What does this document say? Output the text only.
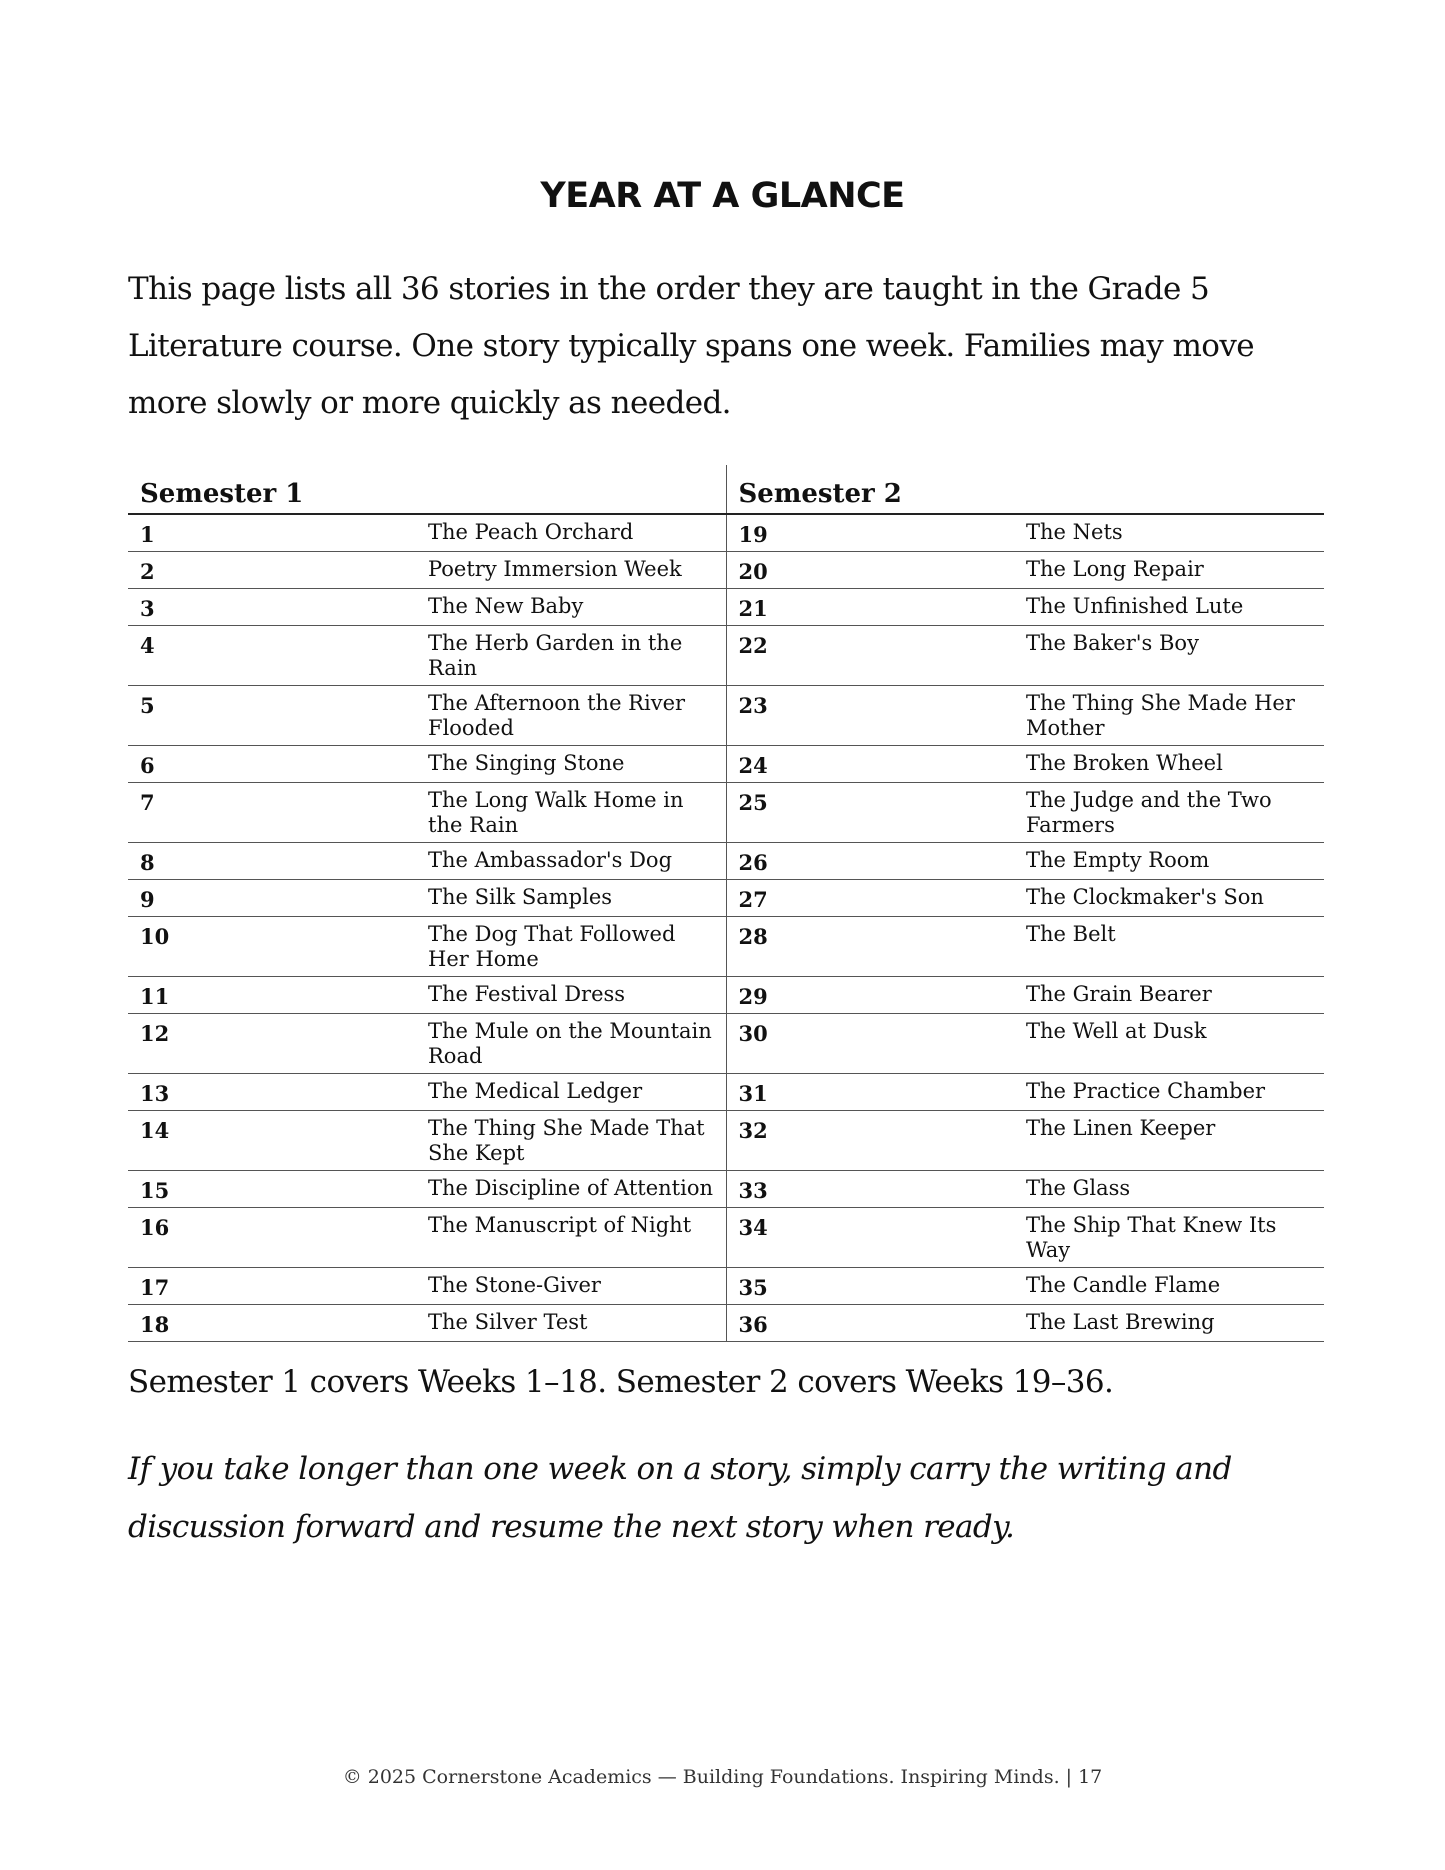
YEAR AT A GLANCE
This page lists all 36 stories in the order they are taught in the Grade 5 Literature course. One story typically spans one week. Families may move more slowly or more quickly as needed.
Semester 1		Semester 2	
1	The Peach Orchard	19	The Nets
2	Poetry Immersion Week	20	The Long Repair
3	The New Baby	21	The Unfinished Lute
4	The Herb Garden in the Rain	22	The Baker's Boy
5	The Afternoon the River Flooded	23	The Thing She Made Her Mother
6	The Singing Stone	24	The Broken Wheel
7	The Long Walk Home in the Rain	25	The Judge and the Two Farmers
8	The Ambassador's Dog	26	The Empty Room
9	The Silk Samples	27	The Clockmaker's Son
10	The Dog That Followed Her Home	28	The Belt
11	The Festival Dress	29	The Grain Bearer
12	The Mule on the Mountain Road	30	The Well at Dusk
13	The Medical Ledger	31	The Practice Chamber
14	The Thing She Made That She Kept	32	The Linen Keeper
15	The Discipline of Attention	33	The Glass
16	The Manuscript of Night	34	The Ship That Knew Its Way
17	The Stone-Giver	35	The Candle Flame
18	The Silver Test	36	The Last Brewing
Semester 1 covers Weeks 1–18. Semester 2 covers Weeks 19–36.
If you take longer than one week on a story, simply carry the writing and discussion forward and resume the next story when ready.
© 2025 Cornerstone Academics — Building Foundations. Inspiring Minds. | 17
